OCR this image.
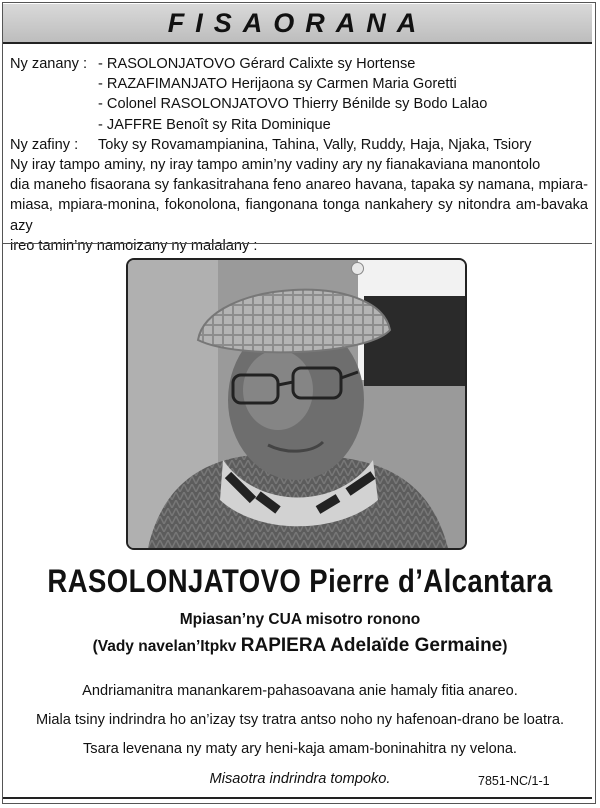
FISAORANA
Ny zanany : - RASOLONJATOVO Gérard Calixte sy Hortense
- RAZAFIMANJATO Herijaona sy Carmen Maria Goretti
- Colonel RASOLONJATOVO Thierry Bénilde sy Bodo Lalao
- JAFFRE Benoît sy Rita Dominique
Ny zafiny :	Toky sy Rovamampianina, Tahina, Vally, Ruddy, Haja, Njaka, Tsiory
Ny iray tampo aminy, ny iray tampo amin’ny vadiny ary ny fianakaviana manontolo
dia maneho fisaorana sy fankasitrahana feno anareo havana, tapaka sy namana, mpiara-
miasa, mpiara-monina, fokonolona, fiangonana tonga nankahery sy nitondra am-bavaka azy
ireo tamin’ny namoizany ny malalany :
RASOLONJATOVO Pierre d’Alcantara
Mpiasan’ny CUA misotro ronono
(Vady navelan’Itpkv RAPIERA Adelaïde Germaine)
Andriamanitra manankarem-pahasoavana anie hamaly fitia anareo.
Miala tsiny indrindra ho an’izay tsy tratra antso noho ny hafenoan-drano be loatra.
Tsara levenana ny maty ary heni-kaja amam-boninahitra ny velona.
Misaotra indrindra tompoko.	7851-NC/1-1
